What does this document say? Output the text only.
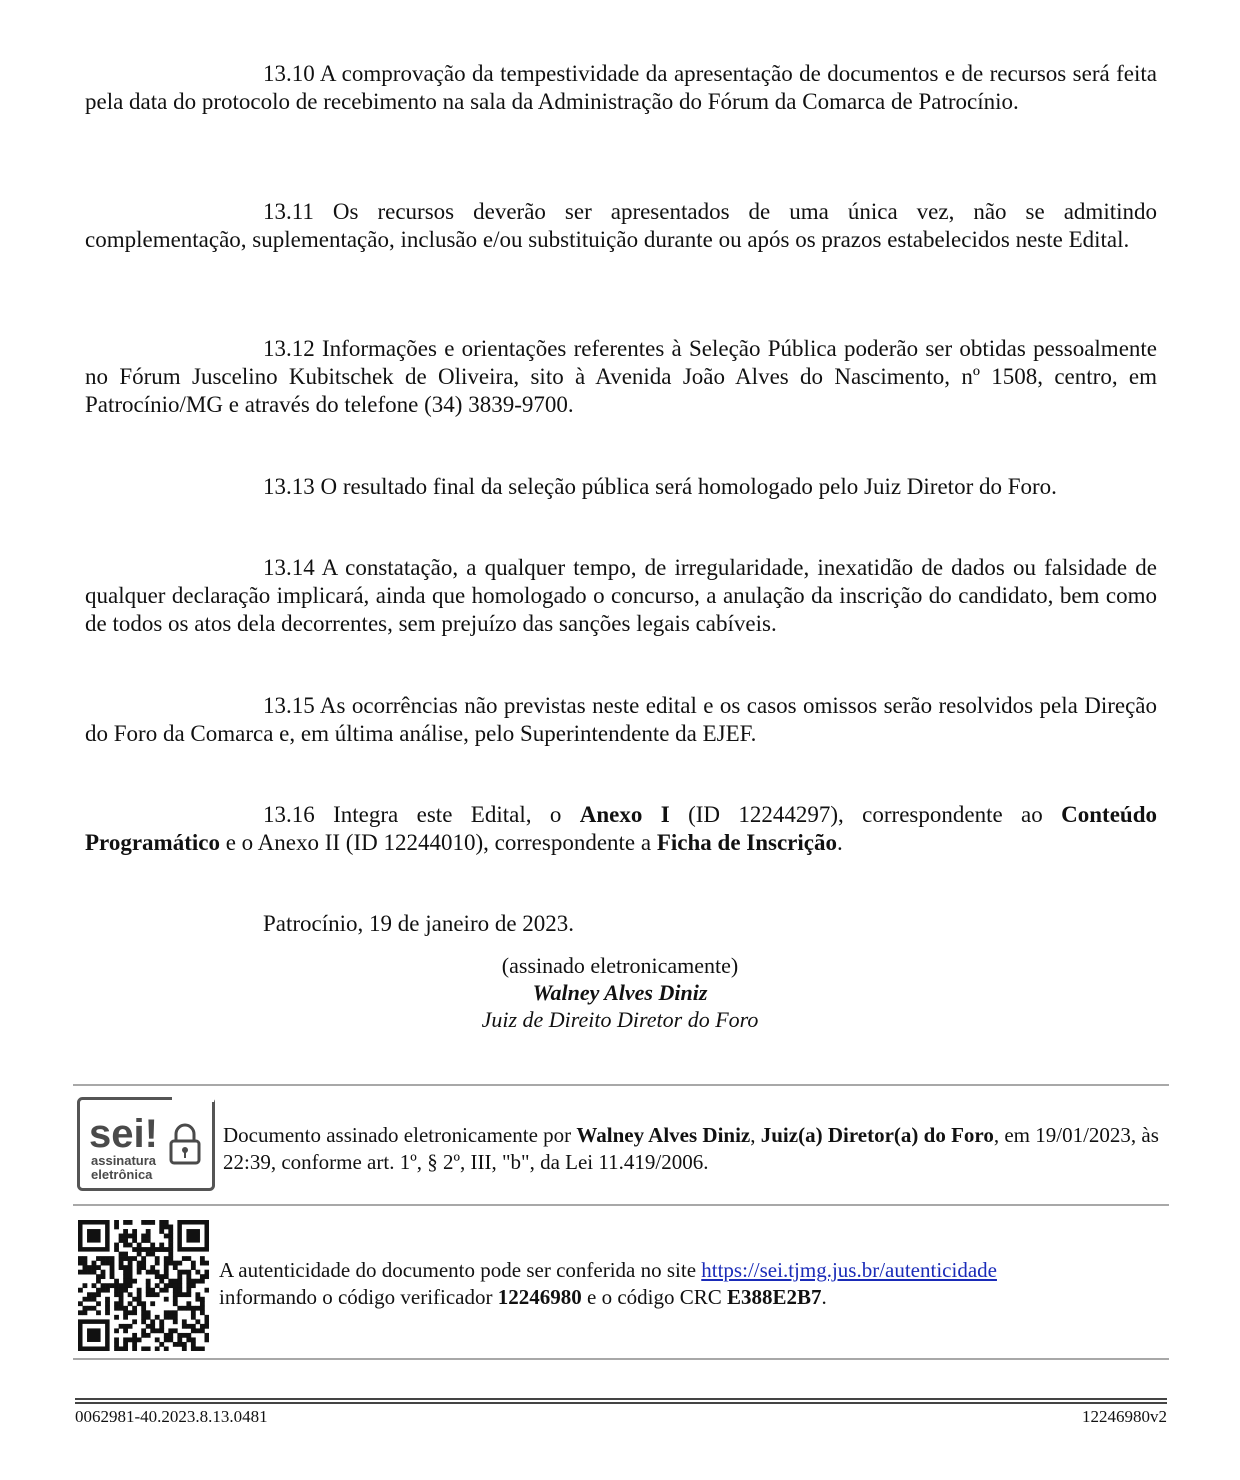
13.10 A comprovação da tempestividade da apresentação de documentos e de recursos será feita pela data do protocolo de recebimento na sala da Administração do Fórum da Comarca de Patrocínio.

13.11 Os recursos deverão ser apresentados de uma única vez, não se admitindo complementação, suplementação, inclusão e/ou substituição durante ou após os prazos estabelecidos neste Edital.

13.12 Informações e orientações referentes à Seleção Pública poderão ser obtidas pessoalmente no Fórum Juscelino Kubitschek de Oliveira, sito à Avenida João Alves do Nascimento, nº 1508, centro, em Patrocínio/MG e através do telefone (34) 3839-9700.

13.13 O resultado final da seleção pública será homologado pelo Juiz Diretor do Foro.

13.14 A constatação, a qualquer tempo, de irregularidade, inexatidão de dados ou falsidade de qualquer declaração implicará, ainda que homologado o concurso, a anulação da inscrição do candidato, bem como de todos os atos dela decorrentes, sem prejuízo das sanções legais cabíveis.

13.15 As ocorrências não previstas neste edital e os casos omissos serão resolvidos pela Direção do Foro da Comarca e, em última análise, pelo Superintendente da EJEF.

13.16 Integra este Edital, o Anexo I (ID 12244297), correspondente ao Conteúdo Programático e o Anexo II (ID 12244010), correspondente a Ficha de Inscrição.

Patrocínio, 19 de janeiro de 2023.
(assinado eletronicamente)
Walney Alves Diniz
Juiz de Direito Diretor do Foro
sei!
assinatura
eletrônica
Documento assinado eletronicamente por Walney Alves Diniz, Juiz(a) Diretor(a) do Foro, em 19/01/2023, às 22:39, conforme art. 1º, § 2º, III, "b", da Lei 11.419/2006.
A autenticidade do documento pode ser conferida no site https://sei.tjmg.jus.br/autenticidade
informando o código verificador 12246980 e o código CRC E388E2B7.
0062981-40.2023.8.13.0481	12246980v2
